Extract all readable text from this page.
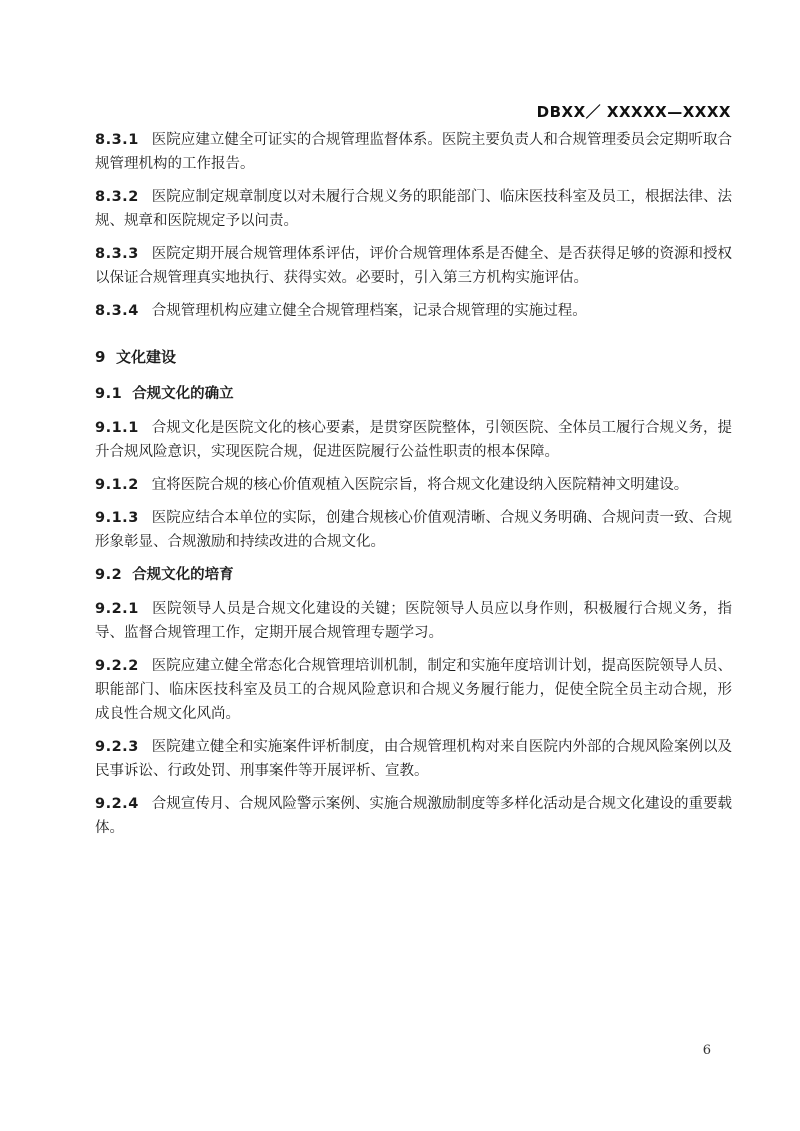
DBXX／ XXXXX—XXXX

8.3.1 医院应建立健全可证实的合规管理监督体系。医院主要负责人和合规管理委员会定期听取合规管理机构的工作报告。

8.3.2 医院应制定规章制度以对未履行合规义务的职能部门、临床医技科室及员工，根据法律、法规、规章和医院规定予以问责。

8.3.3 医院定期开展合规管理体系评估，评价合规管理体系是否健全、是否获得足够的资源和授权以保证合规管理真实地执行、获得实效。必要时，引入第三方机构实施评估。

8.3.4 合规管理机构应建立健全合规管理档案，记录合规管理的实施过程。

9 文化建设

9.1 合规文化的确立

9.1.1 合规文化是医院文化的核心要素，是贯穿医院整体，引领医院、全体员工履行合规义务，提升合规风险意识，实现医院合规，促进医院履行公益性职责的根本保障。

9.1.2 宜将医院合规的核心价值观植入医院宗旨，将合规文化建设纳入医院精神文明建设。

9.1.3 医院应结合本单位的实际，创建合规核心价值观清晰、合规义务明确、合规问责一致、合规形象彰显、合规激励和持续改进的合规文化。

9.2 合规文化的培育

9.2.1 医院领导人员是合规文化建设的关键；医院领导人员应以身作则，积极履行合规义务，指导、监督合规管理工作，定期开展合规管理专题学习。

9.2.2 医院应建立健全常态化合规管理培训机制，制定和实施年度培训计划，提高医院领导人员、职能部门、临床医技科室及员工的合规风险意识和合规义务履行能力，促使全院全员主动合规，形成良性合规文化风尚。

9.2.3 医院建立健全和实施案件评析制度，由合规管理机构对来自医院内外部的合规风险案例以及民事诉讼、行政处罚、刑事案件等开展评析、宣教。

9.2.4 合规宣传月、合规风险警示案例、实施合规激励制度等多样化活动是合规文化建设的重要载体。

6
